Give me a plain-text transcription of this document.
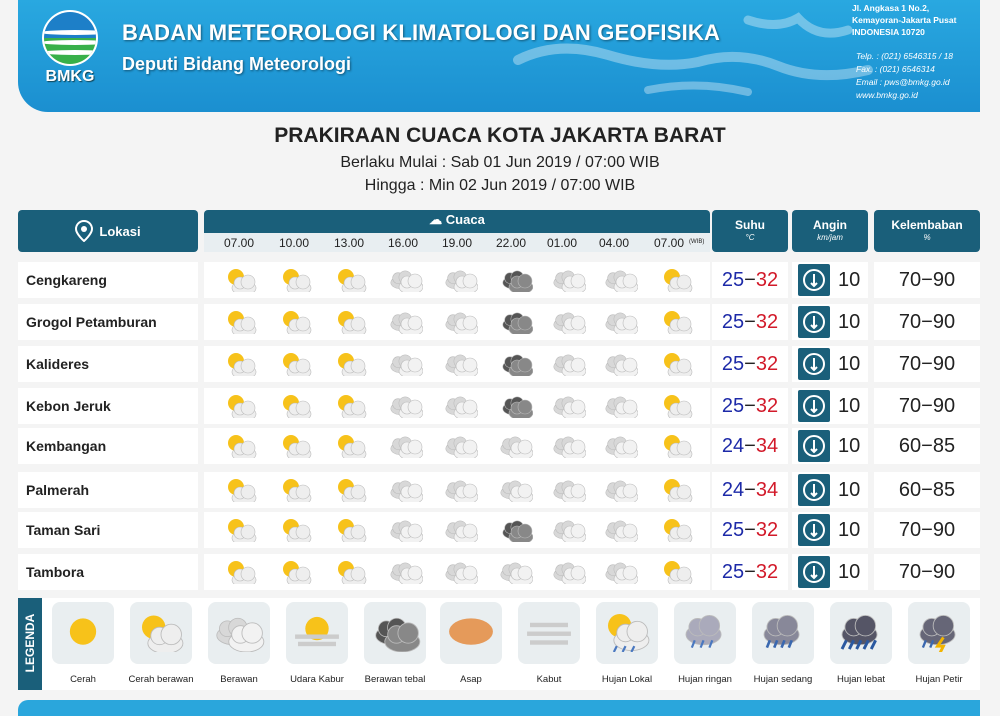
BMKG
BADAN METEOROLOGI KLIMATOLOGI DAN GEOFISIKA
Deputi Bidang Meteorologi
Jl. Angkasa 1 No.2,
Kemayoran-Jakarta Pusat
INDONESIA 10720
Telp. : (021) 6546315 / 18
Fax. : (021) 6546314
Email : pws@bmkg.go.id
www.bmkg.go.id
PRAKIRAAN CUACA KOTA JAKARTA BARAT
Berlaku Mulai : Sab 01 Jun 2019 / 07:00 WIB
Hingga : Min 02 Jun 2019 / 07:00 WIB
Lokasi
☁ Cuaca
07.00 10.00 13.00 16.00 19.00 22.00 01.00 04.00 07.00 (WIB)
Suhu
°C
Angin
km/jam
Kelembaban
%
Cengkareng	25 − 32	10	70−90
Grogol Petamburan	25 − 32	10	70−90
Kalideres	25 − 32	10	70−90
Kebon Jeruk	25 − 32	10	70−90
Kembangan	24 − 34	10	60−85
Palmerah	24 − 34	10	60−85
Taman Sari	25 − 32	10	70−90
Tambora	25 − 32	10	70−90
LEGENDA
Cerah	Cerah berawan	Berawan	Udara Kabur	Berawan tebal	Asap	Kabut	Hujan Lokal	Hujan ringan	Hujan sedang	Hujan lebat	Hujan Petir
